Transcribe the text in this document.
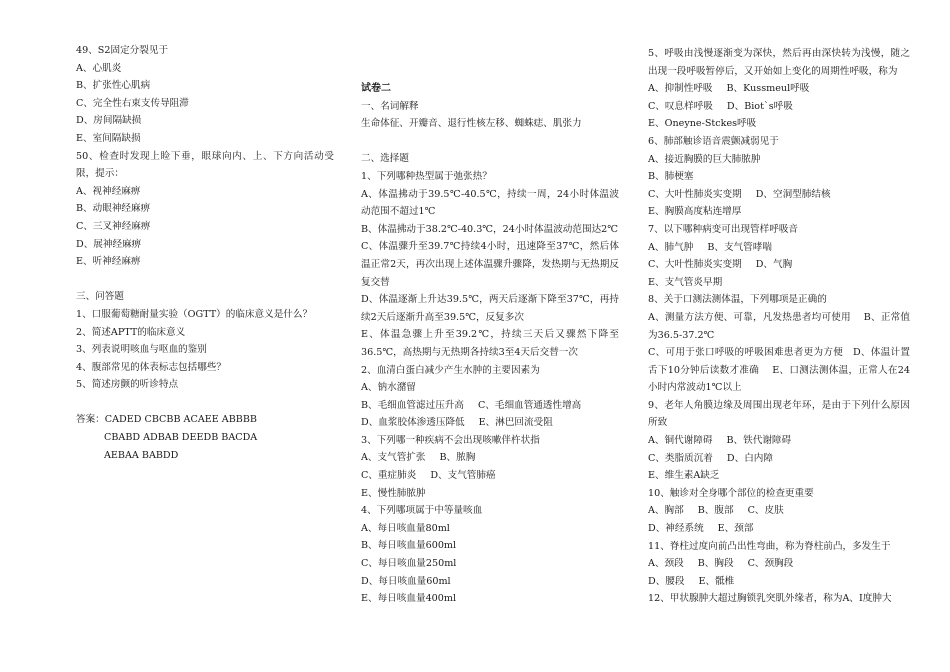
49、S2固定分裂见于
A、心肌炎
B、扩张性心肌病
C、完全性右束支传导阻滞
D、房间隔缺损
E、室间隔缺损
50、检查时发现上睑下垂，眼球向内、上、下方向活动受限，提示：
A、视神经麻痹
B、动眼神经麻痹
C、三叉神经麻痹
D、展神经麻痹
E、听神经麻痹
三、问答题
1、口服葡萄糖耐量实验（OGTT）的临床意义是什么？
2、简述APTT的临床意义
3、列表说明咳血与呕血的鉴别
4、腹部常见的体表标志包括哪些？
5、简述房颤的听诊特点
答案：CADED CBCBB ACAEE ABBBB
CBABD ADBAB DEEDB BACDA
AEBAA BABDD
试卷二
一、名词解释
生命体征、开瓣音、退行性核左移、蜘蛛痣、肌张力
二、选择题
1、下列哪种热型属于弛张热？
A、体温拂动于39.5℃-40.5℃，持续一周，24小时体温波动范围不超过1℃
B、体温拂动于38.2℃-40.3℃，24小时体温波动范围达2℃
C、体温骤升至39.7℃持续4小时，迅速降至37℃，然后体温正常2天，再次出现上述体温骤升骤降，发热期与无热期反复交替
D、体温逐渐上升达39.5℃，两天后逐渐下降至37℃，再持续2天后逐渐升高至39.5℃，反复多次
E、体温急骤上升至39.2℃，持续三天后又骤然下降至36.5℃，高热期与无热期各持续3至4天后交替一次
2、血清白蛋白减少产生水肿的主要因素为
A、钠水潴留
B、毛细血管滤过压升高 C、毛细血管通透性增高
D、血浆胶体渗透压降低 E、淋巴回流受阻
3、下列哪一种疾病不会出现咳嗽伴杵状指
A、支气管扩张 B、脓胸
C、重症肺炎 D、支气管肺癌
E、慢性肺脓肿
4、下列哪项属于中等量咳血
A、每日咳血量80ml
B、每日咳血量600ml
C、每日咳血量250ml
D、每日咳血量60ml
E、每日咳血量400ml
5、呼吸由浅慢逐渐变为深快，然后再由深快转为浅慢，随之出现一段呼吸暂停后，又开始如上变化的周期性呼吸，称为
A、抑制性呼吸 B、Kussmeul呼吸
C、叹息样呼吸 D、Biot`s呼吸
E、Oneyne-Stckes呼吸
6、肺部触诊语音震颤减弱见于
A、接近胸膜的巨大肺脓肿
B、肺梗塞
C、大叶性肺炎实变期 D、空洞型肺结核
E、胸膜高度粘连增厚
7、以下哪种病变可出现管样呼吸音
A、肺气肿 B、支气管哮喘
C、大叶性肺炎实变期 D、气胸
E、支气管炎早期
8、关于口测法测体温，下列哪项是正确的
A、测量方法方便、可靠，凡发热患者均可使用　 B、正常值为36.5-37.2℃
C、可用于张口呼吸的呼吸困难患者更为方便　D、体温计置舌下10分钟后读数才准确　 E、口测法测体温，正常人在24小时内常波动1℃以上
9、老年人角膜边缘及周围出现老年环，是由于下列什么原因所致
A、铜代谢障碍 B、铁代谢障碍
C、类脂质沉着 D、白内障
E、维生素A缺乏
10、触诊对全身哪个部位的检查更重要
A、胸部 B、腹部 C、皮肤
D、神经系统 E、颈部
11、脊柱过度向前凸出性弯曲，称为脊柱前凸，多发生于
A、颈段 B、胸段 C、颈胸段
D、腰段 E、骶椎
12、甲状腺肿大超过胸锁乳突肌外缘者，称为A、I度肿大
